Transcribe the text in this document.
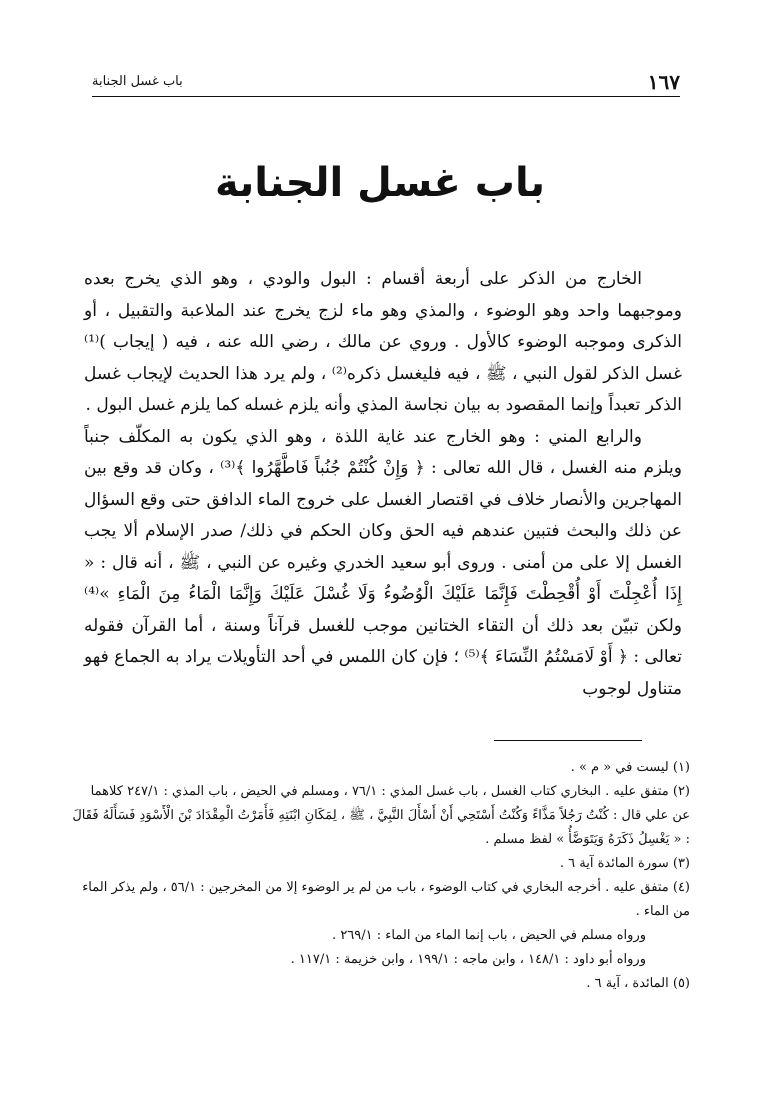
١٦٧
باب غسل الجنابة
باب غسل الجنابة

الخارج من الذكر على أربعة أقسام : البول والودي ، وهو الذي يخرج بعده وموجبهما واحد وهو الوضوء ، والمذي وهو ماء لزج يخرج عند الملاعبة والتقبيل ، أو الذكرى وموجبه الوضوء كالأول . وروي عن مالك ، رضي الله عنه ، فيه ( إيجاب )⁽¹⁾ غسل الذكر لقول النبي ، ﷺ ، فيه فليغسل ذكره⁽²⁾ ، ولم يرد هذا الحديث لإيجاب غسل الذكر تعبداً وإنما المقصود به بيان نجاسة المذي وأنه يلزم غسله كما يلزم غسل البول .

والرابع المني : وهو الخارج عند غاية اللذة ، وهو الذي يكون به المكلّف جنباً ويلزم منه الغسل ، قال الله تعالى : ﴿ وَإِنْ كُنْتُمْ جُنُباً فَاطَّهَّرُوا ﴾⁽³⁾ ، وكان قد وقع بين المهاجرين والأنصار خلاف في اقتصار الغسل على خروج الماء الدافق حتى وقع السؤال عن ذلك والبحث فتبين عندهم فيه الحق وكان الحكم في ذلك/ صدر الإسلام ألا يجب الغسل إلا على من أمنى . وروى أبو سعيد الخدري وغيره عن النبي ، ﷺ ، أنه قال : « إِذَا أُعْجِلْتَ أَوْ أُقْحِطْتَ فَإِنَّمَا عَلَيْكَ الْوُضُوءُ وَلَا غُسْلَ عَلَيْكَ وَإِنَّمَا الْمَاءُ مِنَ الْمَاءِ »⁽⁴⁾ ولكن تبيّن بعد ذلك أن التقاء الختانين موجب للغسل قرآناً وسنة ، أما القرآن فقوله تعالى : ﴿ أَوْ لَامَسْتُمُ النِّسَاءَ ﴾⁽⁵⁾ ؛ فإن كان اللمس في أحد التأويلات يراد به الجماع فهو متناول لوجوب

(١) ليست في « م » .

(٢) متفق عليه . البخاري كتاب الغسل ، باب غسل المذي : ٧٦/١ ، ومسلم في الحيض ، باب المذي : ٢٤٧/١ كلاهما عن علي قال : كُنْتُ رَجُلاً مَذَّاءً وَكُنْتُ أَسْتَحِي أَنْ أَسْأَلَ النَّبِيَّ ، ﷺ ، لِمَكَانِ ابْنَتِهِ فَأَمَرْتُ الْمِقْدَادَ بْنَ الْأَسْوَدِ فَسَأَلَهُ فَقَالَ : « يَغْسِلُ ذَكَرَهُ وَيَتَوَضَّأُ » لفظ مسلم .

(٣) سورة المائدة آية ٦ .

(٤) متفق عليه . أخرجه البخاري في كتاب الوضوء ، باب من لم ير الوضوء إلا من المخرجين : ٥٦/١ ، ولم يذكر الماء من الماء .

ورواه مسلم في الحيض ، باب إنما الماء من الماء : ٢٦٩/١ .

ورواه أبو داود : ١٤٨/١ ، وابن ماجه : ١٩٩/١ ، وابن خزيمة : ١١٧/١ .

(٥) المائدة ، آية ٦ .
